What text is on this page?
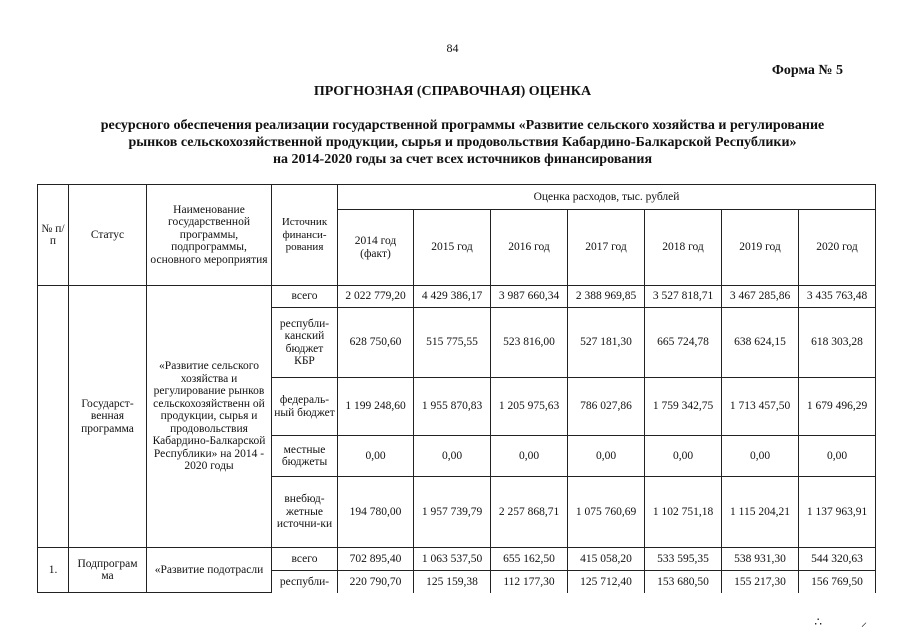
84
Форма № 5
ПРОГНОЗНАЯ (СПРАВОЧНАЯ) ОЦЕНКА
ресурсного обеспечения реализации государственной программы «Развитие сельского хозяйства и регулирование
рынков сельскохозяйственной продукции, сырья и продовольствия Кабардино-Балкарской Республики»
на 2014-2020 годы за счет всех источников финансирования
№ п/п	Статус	Наименование государственной программы, подпрограммы, основного мероприятия	Источник финанси-рования	Оценка расходов, тыс. рублей						
				2014 год (факт)	2015 год	2016 год	2017 год	2018 год	2019 год	2020 год
	Государст-венная программа	«Развитие сельского хозяйства и регулирование рынков сельскохозяйственн ой продукции, сырья и продовольствия Кабардино-Балкарской Республики» на 2014 - 2020 годы	всего	2 022 779,20	4 429 386,17	3 987 660,34	2 388 969,85	3 527 818,71	3 467 285,86	3 435 763,48
			республи-канский бюджет КБР	628 750,60	515 775,55	523 816,00	527 181,30	665 724,78	638 624,15	618 303,28
			федераль-ный бюджет	1 199 248,60	1 955 870,83	1 205 975,63	786 027,86	1 759 342,75	1 713 457,50	1 679 496,29
			местные бюджеты	0,00	0,00	0,00	0,00	0,00	0,00	0,00
			внебюд-жетные источни-ки	194 780,00	1 957 739,79	2 257 868,71	1 075 760,69	1 102 751,18	1 115 204,21	1 137 963,91
1.	Подпрограм ма	«Развитие подотрасли	всего	702 895,40	1 063 537,50	655 162,50	415 058,20	533 595,35	538 931,30	544 320,63
			республи-	220 790,70	125 159,38	112 177,30	125 712,40	153 680,50	155 217,30	156 769,50
∴ ⸝
